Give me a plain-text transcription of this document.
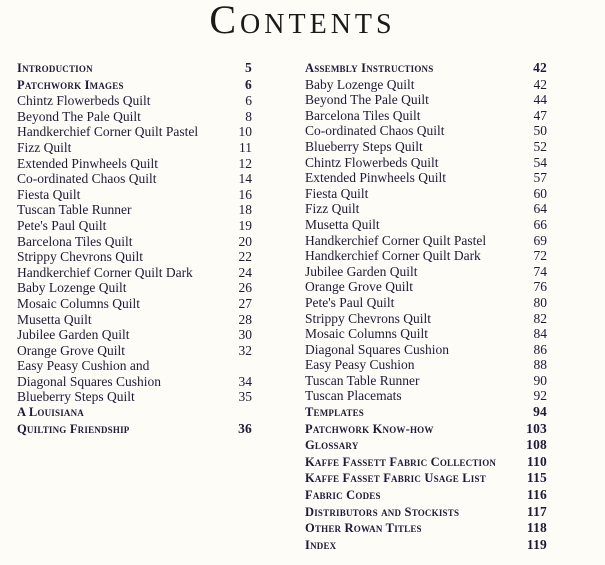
Contents
Introduction	5
Patchwork Images	6
Chintz Flowerbeds Quilt	6
Beyond The Pale Quilt	8
Handkerchief Corner Quilt Pastel	10
Fizz Quilt	11
Extended Pinwheels Quilt	12
Co-ordinated Chaos Quilt	14
Fiesta Quilt	16
Tuscan Table Runner	18
Pete's Paul Quilt	19
Barcelona Tiles Quilt	20
Strippy Chevrons Quilt	22
Handkerchief Corner Quilt Dark	24
Baby Lozenge Quilt	26
Mosaic Columns Quilt	27
Musetta Quilt	28
Jubilee Garden Quilt	30
Orange Grove Quilt	32
Easy Peasy Cushion and
Diagonal Squares Cushion	34
Blueberry Steps Quilt	35
A Louisiana
Quilting Friendship	36
Assembly Instructions	42
Baby Lozenge Quilt	42
Beyond The Pale Quilt	44
Barcelona Tiles Quilt	47
Co-ordinated Chaos Quilt	50
Blueberry Steps Quilt	52
Chintz Flowerbeds Quilt	54
Extended Pinwheels Quilt	57
Fiesta Quilt	60
Fizz Quilt	64
Musetta Quilt	66
Handkerchief Corner Quilt Pastel	69
Handkerchief Corner Quilt Dark	72
Jubilee Garden Quilt	74
Orange Grove Quilt	76
Pete's Paul Quilt	80
Strippy Chevrons Quilt	82
Mosaic Columns Quilt	84
Diagonal Squares Cushion	86
Easy Peasy Cushion	88
Tuscan Table Runner	90
Tuscan Placemats	92
Templates	94
Patchwork Know-how	103
Glossary	108
Kaffe Fassett Fabric Collection 110
Kaffe Fasset Fabric Usage List	115
Fabric Codes	116
Distributors and Stockists	117
Other Rowan Titles	118
Index	119
